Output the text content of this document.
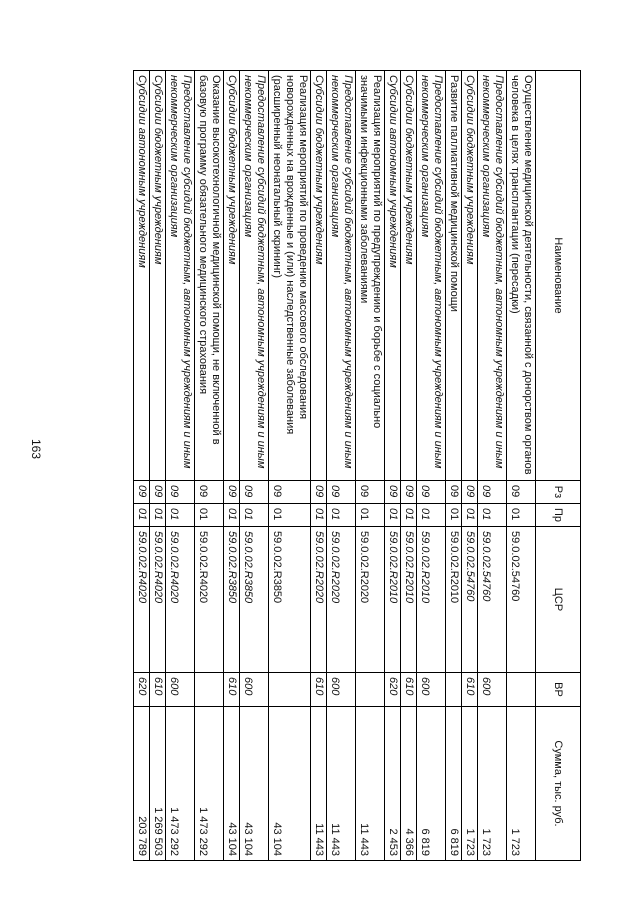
163
Наименование	Рз	Пр	ЦСР	ВР	Сумма, тыс. руб.
Осуществление медицинской деятельности, связанной с донорством органов человека в целях трансплантации (пересадки)	09	01	59.0.02.54760		1 723
Предоставление субсидий бюджетным, автономным учреждениям и иным некоммерческим организациям	09	01	59.0.02.54760	600	1 723
Субсидии бюджетным учреждениям	09	01	59.0.02.54760	610	1 723
Развитие паллиативной медицинской помощи	09	01	59.0.02.R2010		6 819
Предоставление субсидий бюджетным, автономным учреждениям и иным некоммерческим организациям	09	01	59.0.02.R2010	600	6 819
Субсидии бюджетным учреждениям	09	01	59.0.02.R2010	610	4 366
Субсидии автономным учреждениям	09	01	59.0.02.R2010	620	2 453
Реализация мероприятий по предупреждению и борьбе с социально значимыми инфекционными заболеваниями	09	01	59.0.02.R2020		11 443
Предоставление субсидий бюджетным, автономным учреждениям и иным некоммерческим организациям	09	01	59.0.02.R2020	600	11 443
Субсидии бюджетным учреждениям	09	01	59.0.02.R2020	610	11 443
Реализация мероприятий по проведению массового обследования новорожденных на врожденные и (или) наследственные заболевания (расширенный неонатальный скрининг)	09	01	59.0.02.R3850		43 104
Предоставление субсидий бюджетным, автономным учреждениям и иным некоммерческим организациям	09	01	59.0.02.R3850	600	43 104
Субсидии бюджетным учреждениям	09	01	59.0.02.R3850	610	43 104
Оказание высокотехнологичной медицинской помощи, не включенной в базовую программу обязательного медицинского страхования	09	01	59.0.02.R4020		1 473 292
Предоставление субсидий бюджетным, автономным учреждениям и иным некоммерческим организациям	09	01	59.0.02.R4020	600	1 473 292
Субсидии бюджетным учреждениям	09	01	59.0.02.R4020	610	1 269 503
Субсидии автономным учреждениям	09	01	59.0.02.R4020	620	203 789
